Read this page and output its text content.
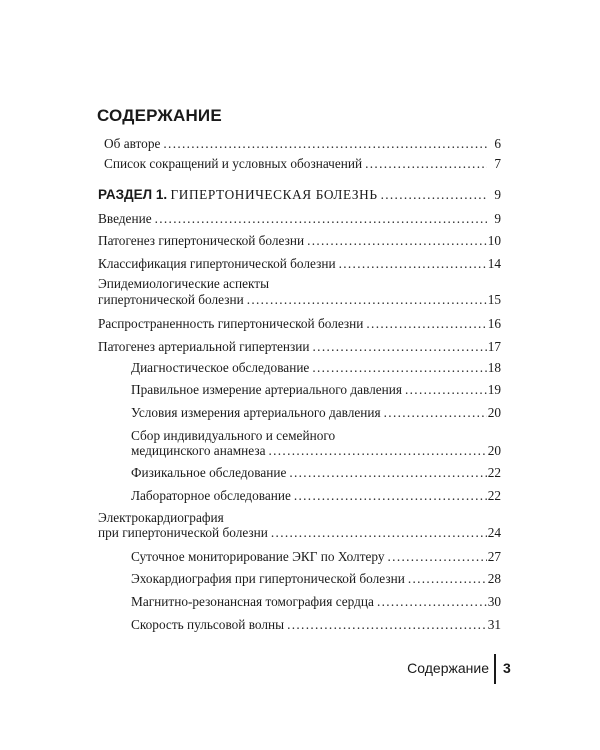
СОДЕРЖАНИЕ
Об авторе . . .	6
Список сокращений и условных обозначений . . .	7
РАЗДЕЛ 1. ГИПЕРТОНИЧЕСКАЯ БОЛЕЗНЬ . . .	9
Введение . . .	9
Патогенез гипертонической болезни . . .	10
Классификация гипертонической болезни . . .	14
Эпидемиологические аспекты
гипертонической болезни . . .	15
Распространенность гипертонической болезни . . .	16
Патогенез артериальной гипертензии . . .	17
Диагностическое обследование . . .	18
Правильное измерение артериального давления . . .	19
Условия измерения артериального давления . . .	20
Сбор индивидуального и семейного
медицинского анамнеза . . .	20
Физикальное обследование . . .	22
Лабораторное обследование . . .	22
Электрокардиография
при гипертонической болезни . . .	24
Суточное мониторирование ЭКГ по Холтеру . . .	27
Эхокардиография при гипертонической болезни . . .	28
Магнитно-резонансная томография сердца . . .	30
Скорость пульсовой волны . . .	31
Содержание 3
